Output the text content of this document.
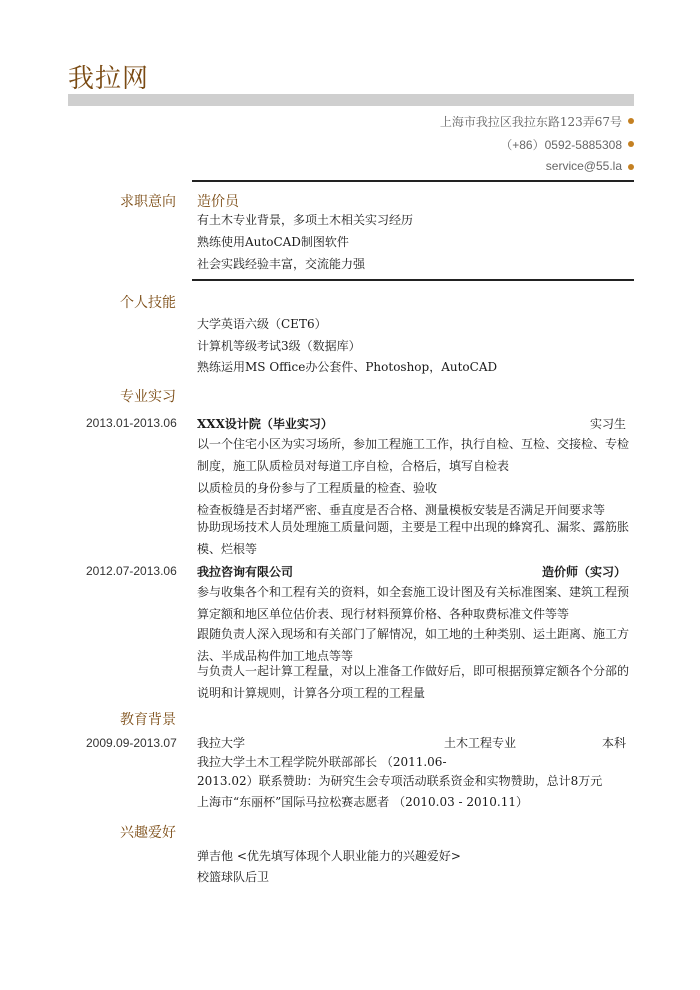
我拉网
上海市我拉区我拉东路123弄67号
（+86）0592-5885308
service@55.la
求职意向 造价员
有土木专业背景，多项土木相关实习经历
熟练使用AutoCAD制图软件
社会实践经验丰富，交流能力强
个人技能
大学英语六级（CET6）
计算机等级考试3级（数据库）
熟练运用MS Office办公套件、Photoshop，AutoCAD
专业实习
2013.01-2013.06 XXX设计院（毕业实习）	实习生
以一个住宅小区为实习场所，参加工程施工工作，执行自检、互检、交接检、专检制度，施工队质检员对每道工序自检，合格后，填写自检表
以质检员的身份参与了工程质量的检查、验收
检查板缝是否封堵严密、垂直度是否合格、测量模板安装是否满足开间要求等
协助现场技术人员处理施工质量问题，主要是工程中出现的蜂窝孔、漏浆、露筋胀模、烂根等
2012.07-2013.06 我拉咨询有限公司	造价师（实习）
参与收集各个和工程有关的资料，如全套施工设计图及有关标准图案、建筑工程预算定额和地区单位估价表、现行材料预算价格、各种取费标准文件等等
跟随负责人深入现场和有关部门了解情况，如工地的土种类别、运土距离、施工方法、半成品构件加工地点等等
与负责人一起计算工程量，对以上准备工作做好后，即可根据预算定额各个分部的说明和计算规则，计算各分项工程的工程量
教育背景
2009.09-2013.07 我拉大学	土木工程专业	本科
我拉大学土木工程学院外联部部长 （2011.06-
2013.02）联系赞助：为研究生会专项活动联系资金和实物赞助，总计8万元
上海市“东丽杯”国际马拉松赛志愿者 （2010.03 - 2010.11）
兴趣爱好
弹吉他 <优先填写体现个人职业能力的兴趣爱好>
校篮球队后卫
